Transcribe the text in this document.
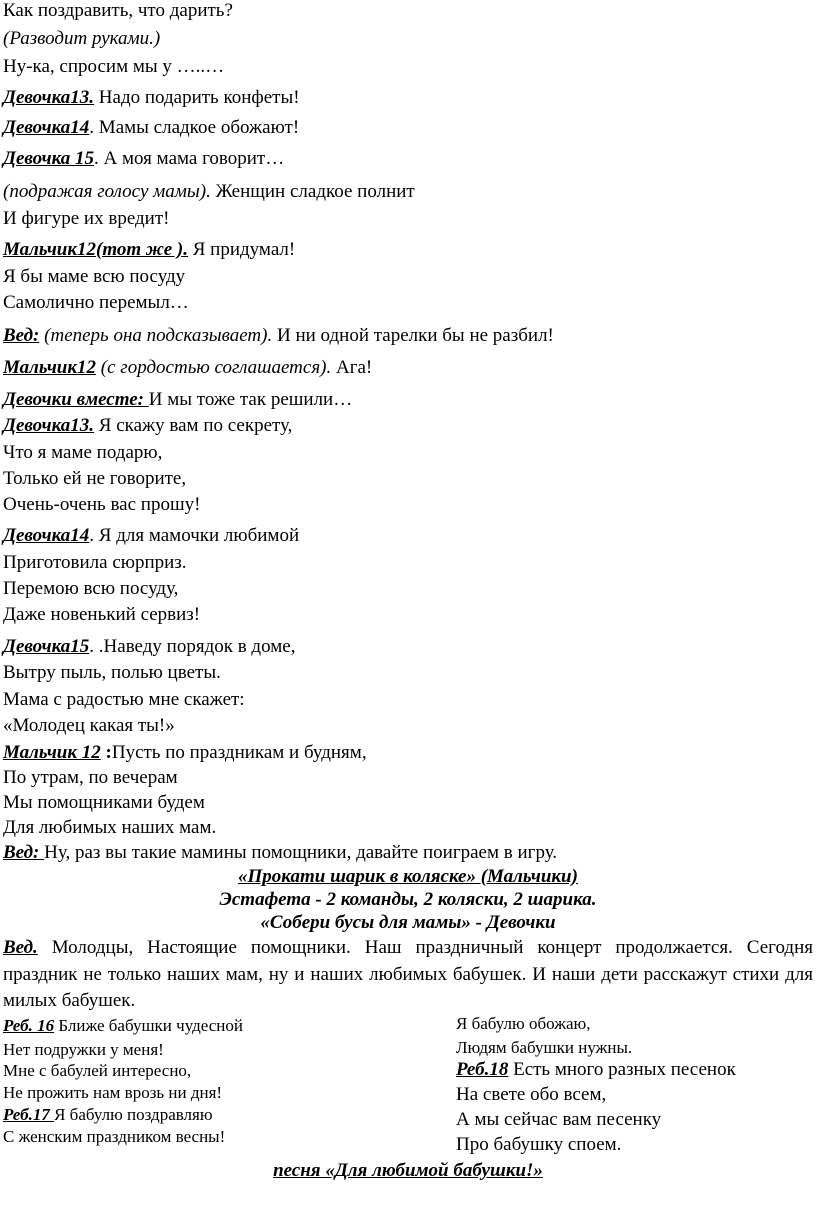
Как поздравить, что дарить?
(Разводит руками.)
Ну-ка, спросим мы у …..…
Девочка13. Надо подарить конфеты!
Девочка14. Мамы сладкое обожают!
Девочка 15. А моя мама говорит…
(подражая голосу мамы). Женщин сладкое полнит
И фигуре их вредит!
Мальчик12(тот же ). Я придумал!
Я бы маме всю посуду
Самолично перемыл…
Вед: (теперь она подсказывает). И ни одной тарелки бы не разбил!
Мальчик12 (с гордостью соглашается). Ага!
Девочки вместе: И мы тоже так решили…
Девочка13. Я скажу вам по секрету,
Что я маме подарю,
Только ей не говорите,
Очень-очень вас прошу!
Девочка14. Я для мамочки любимой
Приготовила сюрприз.
Перемою всю посуду,
Даже новенький сервиз!
Девочка15. .Наведу порядок в доме,
Вытру пыль, полью цветы.
Мама с радостью мне скажет:
«Молодец какая ты!»
Мальчик 12 :Пусть по праздникам и будням,
По утрам, по вечерам
Мы помощниками будем
Для любимых наших мам.
Вед: Ну, раз вы такие мамины помощники, давайте поиграем в игру.
«Прокати шарик в коляске» (Мальчики)
Эстафета - 2 команды, 2 коляски, 2 шарика.
«Собери бусы для мамы» - Девочки
Вед. Молодцы, Настоящие помощники. Наш праздничный концерт продолжается. Сегодня праздник не только наших мам, ну и наших любимых бабушек. И наши дети расскажут стихи для милых бабушек.
Реб. 16 Ближе бабушки чудесной
Нет подружки у меня!
Мне с бабулей интересно,
Не прожить нам врозь ни дня!
Реб.17 Я бабулю поздравляю
С женским праздником весны!
Я бабулю обожаю,
Людям бабушки нужны.
Реб.18 Есть много разных песенок
На свете обо всем,
А мы сейчас вам песенку
Про бабушку споем.
песня «Для любимой бабушки!»
